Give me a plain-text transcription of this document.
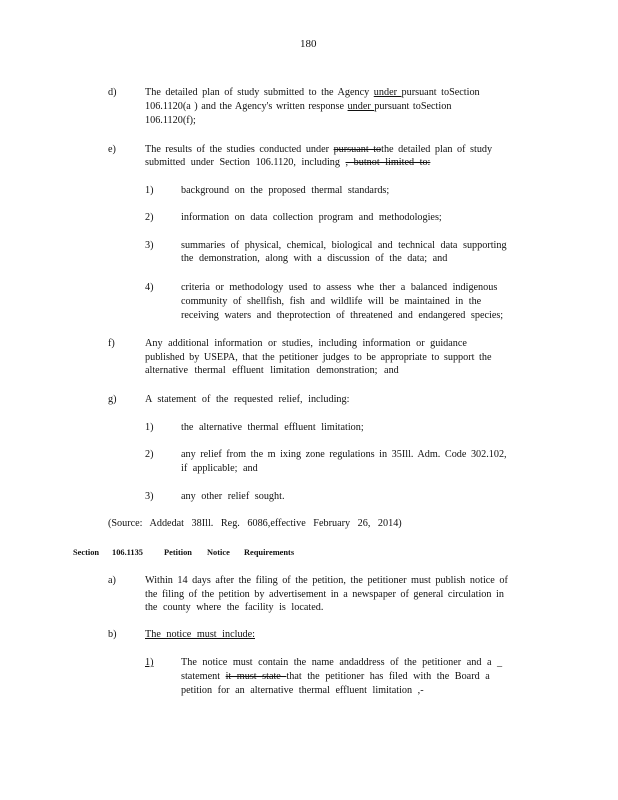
180
d)	The detailed plan of study submitted to the Agency under pursuant toSection
106.1120(a ) and the Agency's written response under pursuant toSection
106.1120(f);
e)	The results of the studies conducted under pursuant tothe detailed plan of study
submitted under Section 106.1120, including , butnot limited to:
1)	background on the proposed thermal standards;
2)	information on data collection program and methodologies;
3)	summaries of physical, chemical, biological and technical data supporting
the demonstration, along with a discussion of the data; and
4)	criteria or methodology used to assess whe ther a balanced indigenous
community of shellfish, fish and wildlife will be maintained in the
receiving waters and theprotection of threatened and endangered species;
f)	Any additional information or studies, including information or guidance
published by USEPA, that the petitioner judges to be appropriate to support the
alternative thermal effluent limitation demonstration; and
g)	A statement of the requested relief, including:
1)	the alternative thermal effluent limitation;
2)	any relief from the m ixing zone regulations in 35Ill. Adm. Code 302.102,
if applicable; and
3)	any other relief sought.
(Source: Addedat 38Ill. Reg. 6086,effective February 26, 2014)
Section 106.1135	Petition Notice Requirements
a)	Within 14 days after the filing of the petition, the petitioner must publish notice of
the filing of the petition by advertisement in a newspaper of general circulation in
the county where the facility is located.
b)	The notice must include:
1)	The notice must contain the name andaddress of the petitioner and a _
statement it must state that the petitioner has filed with the Board a
petition for an alternative thermal effluent limitation ,-
